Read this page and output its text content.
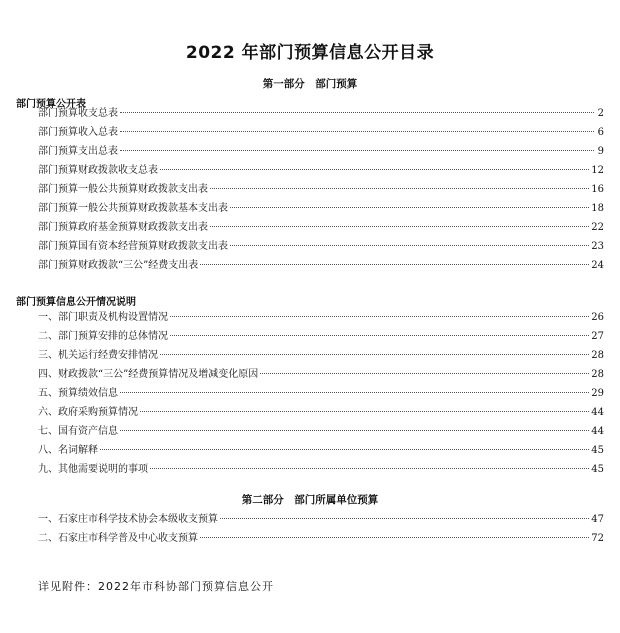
2022 年部门预算信息公开目录
第一部分　部门预算
部门预算公开表
部门预算收支总表	2
部门预算收入总表	6
部门预算支出总表	9
部门预算财政拨款收支总表	12
部门预算一般公共预算财政拨款支出表	16
部门预算一般公共预算财政拨款基本支出表	18
部门预算政府基金预算财政拨款支出表	22
部门预算国有资本经营预算财政拨款支出表	23
部门预算财政拨款“三公”经费支出表	24
部门预算信息公开情况说明
一、部门职责及机构设置情况	26
二、部门预算安排的总体情况	27
三、机关运行经费安排情况	28
四、财政拨款“三公”经费预算情况及增减变化原因	28
五、预算绩效信息	29
六、政府采购预算情况	44
七、国有资产信息	44
八、名词解释	45
九、其他需要说明的事项	45
第二部分　部门所属单位预算
一、石家庄市科学技术协会本级收支预算	47
二、石家庄市科学普及中心收支预算	72
详见附件：2022年市科协部门预算信息公开
